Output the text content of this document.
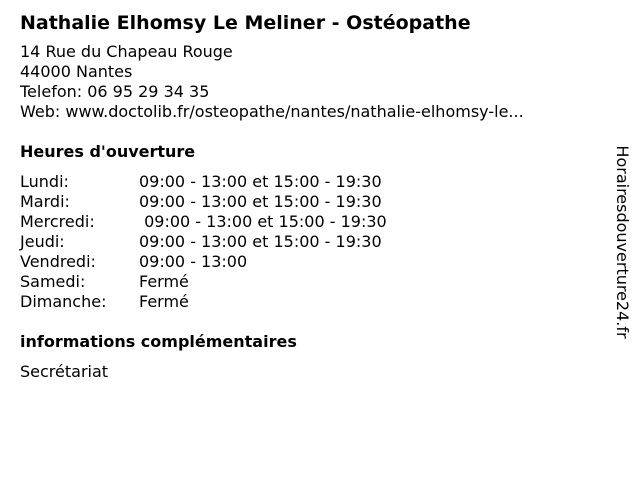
Nathalie Elhomsy Le Meliner - Ostéopathe
14 Rue du Chapeau Rouge
44000 Nantes
Telefon: 06 95 29 34 35
Web: www.doctolib.fr/osteopathe/nantes/nathalie-elhomsy-le...
Heures d'ouverture
Lundi:	09:00 - 13:00 et 15:00 - 19:30
Mardi:	09:00 - 13:00 et 15:00 - 19:30
Mercredi:	09:00 - 13:00 et 15:00 - 19:30
Jeudi:	09:00 - 13:00 et 15:00 - 19:30
Vendredi:	09:00 - 13:00
Samedi:	Fermé
Dimanche:	Fermé
informations complémentaires
Secrétariat
Horairesdouverture24.fr
